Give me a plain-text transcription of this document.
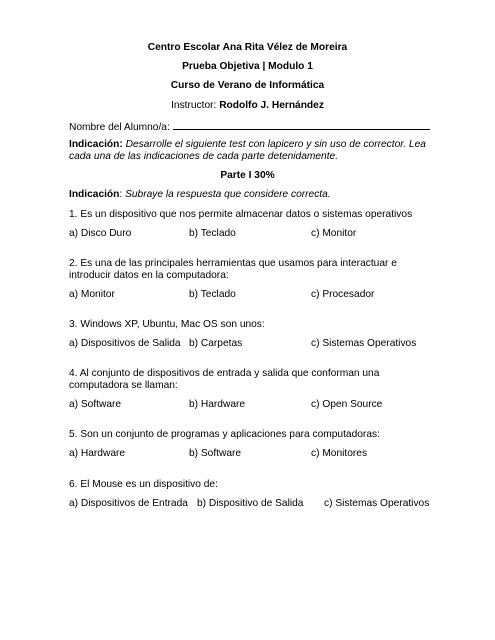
Centro Escolar Ana Rita Vélez de Moreira
Prueba Objetiva | Modulo 1
Curso de Verano de Informática
Instructor: Rodolfo J. Hernández
Nombre del Alumno/a:
Indicación: Desarrolle el siguiente test con lapicero y sin uso de corrector. Lea cada una de las indicaciones de cada parte detenidamente.
Parte I 30%
Indicación: Subraye la respuesta que considere correcta.
1. Es un dispositivo que nos permite almacenar datos o sistemas operativos
a) Disco Duro	b) Teclado	c) Monitor
2. Es una de las principales herramientas que usamos para interactuar e introducir datos en la computadora:
a) Monitor	b) Teclado	c) Procesador
3. Windows XP, Ubuntu, Mac OS son unos:
a) Dispositivos de Salida b) Carpetas	c) Sistemas Operativos
4. Al conjunto de dispositivos de entrada y salida que conforman una computadora se llaman:
a) Software	b) Hardware	c) Open Source
5. Son un conjunto de programas y aplicaciones para computadoras:
a) Hardware	b) Software	c) Monitores
6. El Mouse es un dispositivo de:
a) Dispositivos de Entrada b) Dispositivo de Salida c) Sistemas Operativos
